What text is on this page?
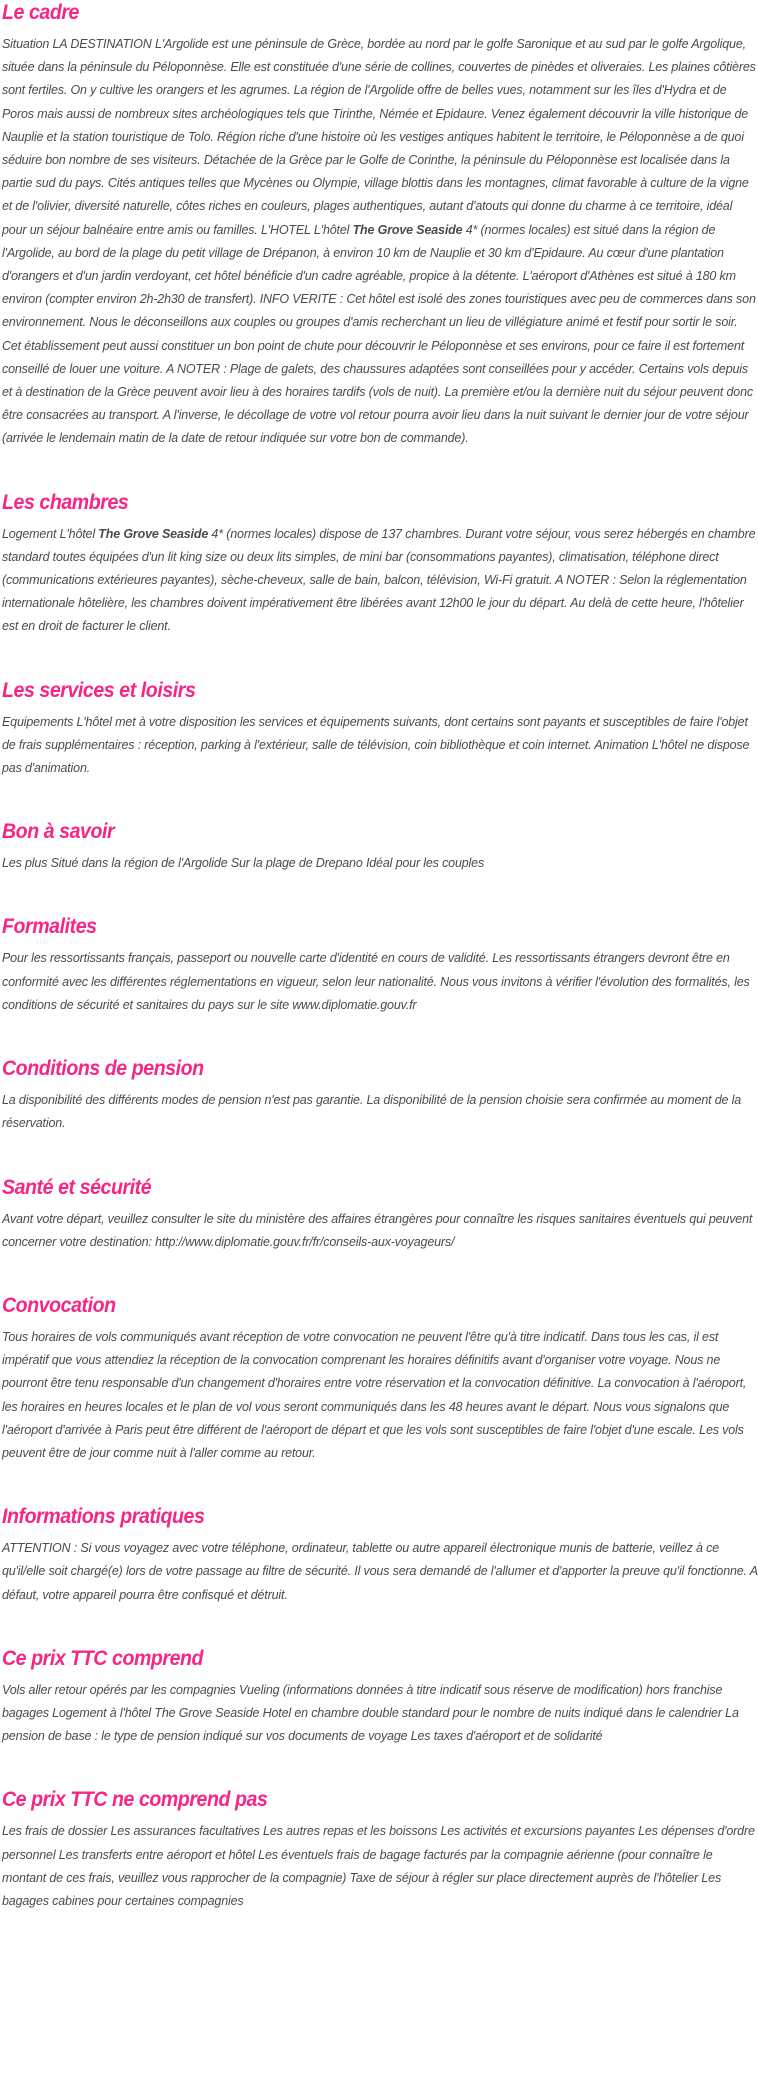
Le cadre

Situation LA DESTINATION L'Argolide est une péninsule de Grèce, bordée au nord par le golfe Saronique et au sud par le golfe Argolique, située dans la péninsule du Péloponnèse. Elle est constituée d'une série de collines, couvertes de pinèdes et oliveraies. Les plaines côtières sont fertiles. On y cultive les orangers et les agrumes. La région de l'Argolide offre de belles vues, notamment sur les îles d'Hydra et de Poros mais aussi de nombreux sites archéologiques tels que Tirinthe, Némée et Epidaure. Venez également découvrir la ville historique de Nauplie et la station touristique de Tolo. Région riche d'une histoire où les vestiges antiques habitent le territoire, le Péloponnèse a de quoi séduire bon nombre de ses visiteurs. Détachée de la Grèce par le Golfe de Corinthe, la péninsule du Péloponnèse est localisée dans la partie sud du pays. Cités antiques telles que Mycènes ou Olympie, village blottis dans les montagnes, climat favorable à culture de la vigne et de l'olivier, diversité naturelle, côtes riches en couleurs, plages authentiques, autant d'atouts qui donne du charme à ce territoire, idéal pour un séjour balnéaire entre amis ou familles. L'HOTEL L'hôtel The Grove Seaside 4* (normes locales) est situé dans la région de l'Argolide, au bord de la plage du petit village de Drépanon, à environ 10 km de Nauplie et 30 km d'Epidaure. Au cœur d'une plantation d'orangers et d'un jardin verdoyant, cet hôtel bénéficie d'un cadre agréable, propice à la détente. L'aéroport d'Athènes est situé à 180 km environ (compter environ 2h-2h30 de transfert). INFO VERITE : Cet hôtel est isolé des zones touristiques avec peu de commerces dans son environnement. Nous le déconseillons aux couples ou groupes d'amis recherchant un lieu de villégiature animé et festif pour sortir le soir. Cet établissement peut aussi constituer un bon point de chute pour découvrir le Péloponnèse et ses environs, pour ce faire il est fortement conseillé de louer une voiture. A NOTER : Plage de galets, des chaussures adaptées sont conseillées pour y accéder. Certains vols depuis et à destination de la Grèce peuvent avoir lieu à des horaires tardifs (vols de nuit). La première et/ou la dernière nuit du séjour peuvent donc être consacrées au transport. A l'inverse, le décollage de votre vol retour pourra avoir lieu dans la nuit suivant le dernier jour de votre séjour (arrivée le lendemain matin de la date de retour indiquée sur votre bon de commande).

Les chambres

Logement L'hôtel The Grove Seaside 4* (normes locales) dispose de 137 chambres. Durant votre séjour, vous serez hébergés en chambre standard toutes équipées d'un lit king size ou deux lits simples, de mini bar (consommations payantes), climatisation, téléphone direct (communications extérieures payantes), sèche-cheveux, salle de bain, balcon, télévision, Wi-Fi gratuit. A NOTER : Selon la réglementation internationale hôtelière, les chambres doivent impérativement être libérées avant 12h00 le jour du départ. Au delà de cette heure, l'hôtelier est en droit de facturer le client.

Les services et loisirs

Equipements L'hôtel met à votre disposition les services et équipements suivants, dont certains sont payants et susceptibles de faire l'objet de frais supplémentaires : réception, parking à l'extérieur, salle de télévision, coin bibliothèque et coin internet. Animation L'hôtel ne dispose pas d'animation.

Bon à savoir

Les plus Situé dans la région de l'Argolide Sur la plage de Drepano Idéal pour les couples

Formalites

Pour les ressortissants français, passeport ou nouvelle carte d'identité en cours de validité. Les ressortissants étrangers devront être en conformité avec les différentes réglementations en vigueur, selon leur nationalité. Nous vous invitons à vérifier l'évolution des formalités, les conditions de sécurité et sanitaires du pays sur le site www.diplomatie.gouv.fr

Conditions de pension

La disponibilité des différents modes de pension n'est pas garantie. La disponibilité de la pension choisie sera confirmée au moment de la réservation.

Santé et sécurité

Avant votre départ, veuillez consulter le site du ministère des affaires étrangères pour connaître les risques sanitaires éventuels qui peuvent concerner votre destination: http://www.diplomatie.gouv.fr/fr/conseils-aux-voyageurs/

Convocation

Tous horaires de vols communiqués avant réception de votre convocation ne peuvent l'être qu'à titre indicatif. Dans tous les cas, il est impératif que vous attendiez la réception de la convocation comprenant les horaires définitifs avant d'organiser votre voyage. Nous ne pourront être tenu responsable d'un changement d'horaires entre votre réservation et la convocation définitive. La convocation à l'aéroport, les horaires en heures locales et le plan de vol vous seront communiqués dans les 48 heures avant le départ. Nous vous signalons que l'aéroport d'arrivée à Paris peut être différent de l'aéroport de départ et que les vols sont susceptibles de faire l'objet d'une escale. Les vols peuvent être de jour comme nuit à l'aller comme au retour.

Informations pratiques

ATTENTION : Si vous voyagez avec votre téléphone, ordinateur, tablette ou autre appareil électronique munis de batterie, veillez à ce qu'il/elle soit chargé(e) lors de votre passage au filtre de sécurité. Il vous sera demandé de l'allumer et d'apporter la preuve qu'il fonctionne. A défaut, votre appareil pourra être confisqué et détruit.

Ce prix TTC comprend

Vols aller retour opérés par les compagnies Vueling (informations données à titre indicatif sous réserve de modification) hors franchise bagages Logement à l'hôtel The Grove Seaside Hotel en chambre double standard pour le nombre de nuits indiqué dans le calendrier La pension de base : le type de pension indiqué sur vos documents de voyage Les taxes d'aéroport et de solidarité

Ce prix TTC ne comprend pas

Les frais de dossier Les assurances facultatives Les autres repas et les boissons Les activités et excursions payantes Les dépenses d'ordre personnel Les transferts entre aéroport et hôtel Les éventuels frais de bagage facturés par la compagnie aérienne (pour connaître le montant de ces frais, veuillez vous rapprocher de la compagnie) Taxe de séjour à régler sur place directement auprès de l'hôtelier Les bagages cabines pour certaines compagnies
